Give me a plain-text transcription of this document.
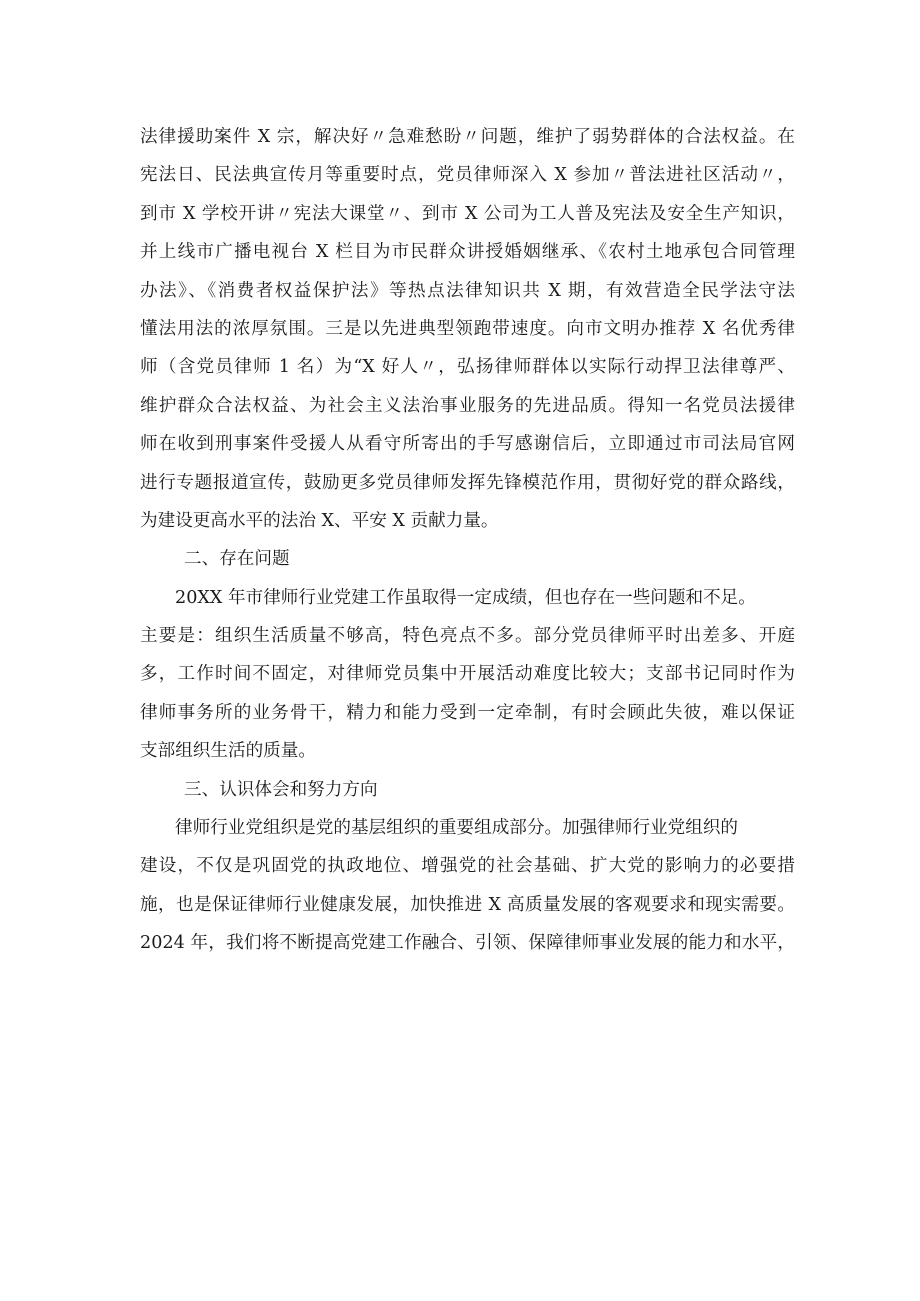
法律援助案件 X 宗，解决好〃急难愁盼〃问题，维护了弱势群体的合法权益。在
宪法日、民法典宣传月等重要时点，党员律师深入 X 参加〃普法进社区活动〃，
到市 X 学校开讲〃宪法大课堂〃、到市 X 公司为工人普及宪法及安全生产知识，
并上线市广播电视台 X 栏目为市民群众讲授婚姻继承、《农村土地承包合同管理
办法》、《消费者权益保护法》等热点法律知识共 X 期，有效营造全民学法守法
懂法用法的浓厚氛围。三是以先进典型领跑带速度。向市文明办推荐 X 名优秀律
师（含党员律师 1 名）为“X 好人〃，弘扬律师群体以实际行动捍卫法律尊严、
维护群众合法权益、为社会主义法治事业服务的先进品质。得知一名党员法援律
师在收到刑事案件受援人从看守所寄出的手写感谢信后，立即通过市司法局官网
进行专题报道宣传，鼓励更多党员律师发挥先锋模范作用，贯彻好党的群众路线，
为建设更高水平的法治 X、平安 X 贡献力量。
二、存在问题
20XX 年市律师行业党建工作虽取得一定成绩，但也存在一些问题和不足。
主要是：组织生活质量不够高，特色亮点不多。部分党员律师平时出差多、开庭
多，工作时间不固定，对律师党员集中开展活动难度比较大；支部书记同时作为
律师事务所的业务骨干，精力和能力受到一定牵制，有时会顾此失彼，难以保证
支部组织生活的质量。
三、认识体会和努力方向
律师行业党组织是党的基层组织的重要组成部分。加强律师行业党组织的
建设，不仅是巩固党的执政地位、增强党的社会基础、扩大党的影响力的必要措
施，也是保证律师行业健康发展，加快推进 X 高质量发展的客观要求和现实需要。
2024 年，我们将不断提高党建工作融合、引领、保障律师事业发展的能力和水平，
